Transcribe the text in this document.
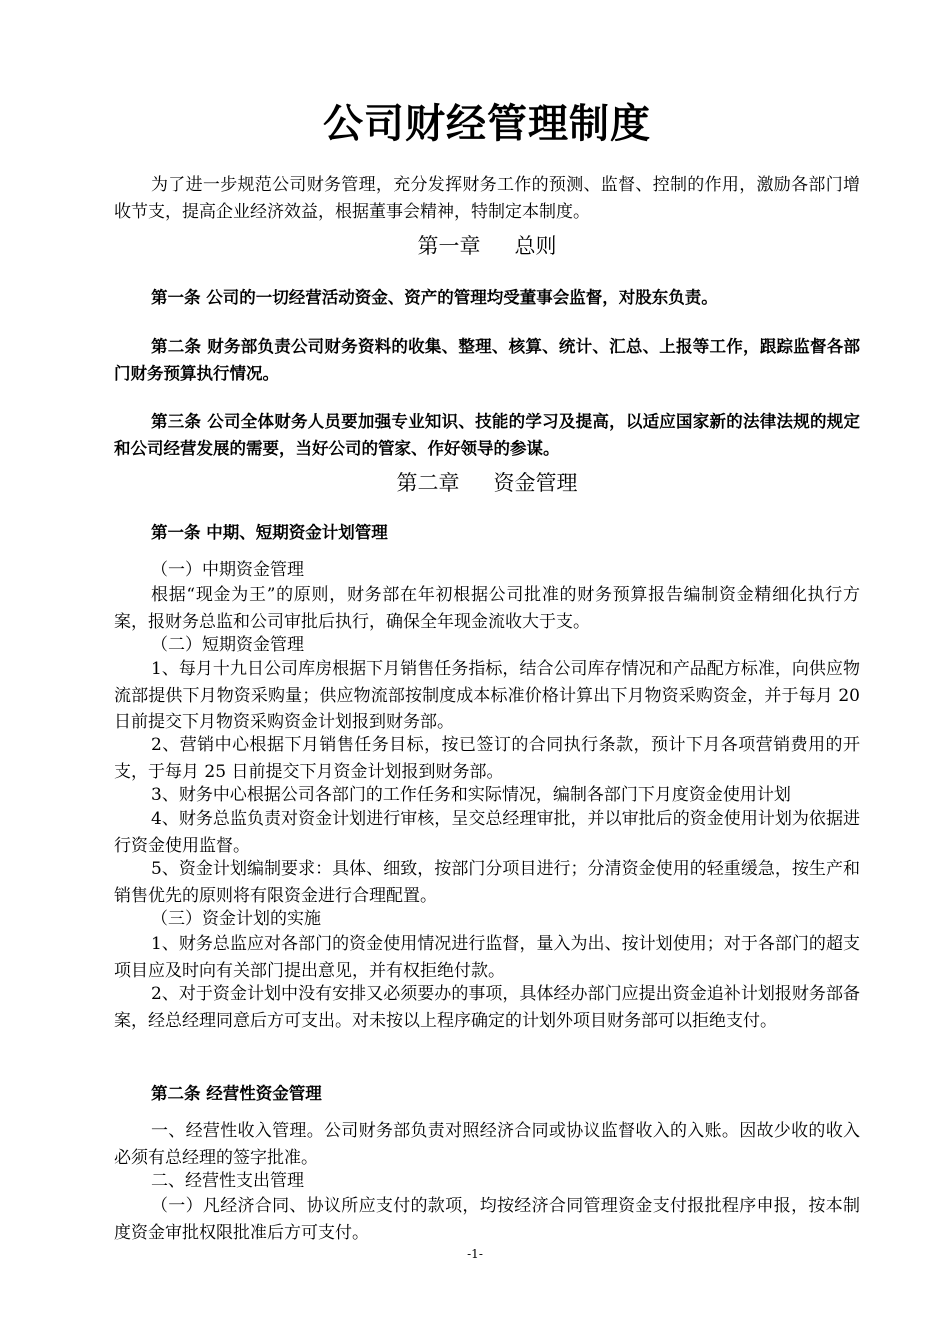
公司财经管理制度
为了进一步规范公司财务管理，充分发挥财务工作的预测、监督、控制的作用，激励各部门增收节支，提高企业经济效益，根据董事会精神，特制定本制度。
第一章 总则
第一条 公司的一切经营活动资金、资产的管理均受董事会监督，对股东负责。
第二条 财务部负责公司财务资料的收集、整理、核算、统计、汇总、上报等工作，跟踪监督各部门财务预算执行情况。
第三条 公司全体财务人员要加强专业知识、技能的学习及提高，以适应国家新的法律法规的规定和公司经营发展的需要，当好公司的管家、作好领导的参谋。
第二章 资金管理
第一条 中期、短期资金计划管理
（一）中期资金管理
根据“现金为王”的原则，财务部在年初根据公司批准的财务预算报告编制资金精细化执行方案，报财务总监和公司审批后执行，确保全年现金流收大于支。
（二）短期资金管理
1、每月十九日公司库房根据下月销售任务指标，结合公司库存情况和产品配方标准，向供应物流部提供下月物资采购量；供应物流部按制度成本标准价格计算出下月物资采购资金，并于每月 20 日前提交下月物资采购资金计划报到财务部。
2、营销中心根据下月销售任务目标，按已签订的合同执行条款，预计下月各项营销费用的开支，于每月 25 日前提交下月资金计划报到财务部。
3、财务中心根据公司各部门的工作任务和实际情况，编制各部门下月度资金使用计划
4、财务总监负责对资金计划进行审核，呈交总经理审批，并以审批后的资金使用计划为依据进行资金使用监督。
5、资金计划编制要求：具体、细致，按部门分项目进行；分清资金使用的轻重缓急，按生产和销售优先的原则将有限资金进行合理配置。
（三）资金计划的实施
1、财务总监应对各部门的资金使用情况进行监督，量入为出、按计划使用；对于各部门的超支项目应及时向有关部门提出意见，并有权拒绝付款。
2、对于资金计划中没有安排又必须要办的事项，具体经办部门应提出资金追补计划报财务部备案，经总经理同意后方可支出。对未按以上程序确定的计划外项目财务部可以拒绝支付。
第二条 经营性资金管理
一、经营性收入管理。公司财务部负责对照经济合同或协议监督收入的入账。因故少收的收入必须有总经理的签字批准。
二、经营性支出管理
（一）凡经济合同、协议所应支付的款项，均按经济合同管理资金支付报批程序申报，按本制度资金审批权限批准后方可支付。
-1-
